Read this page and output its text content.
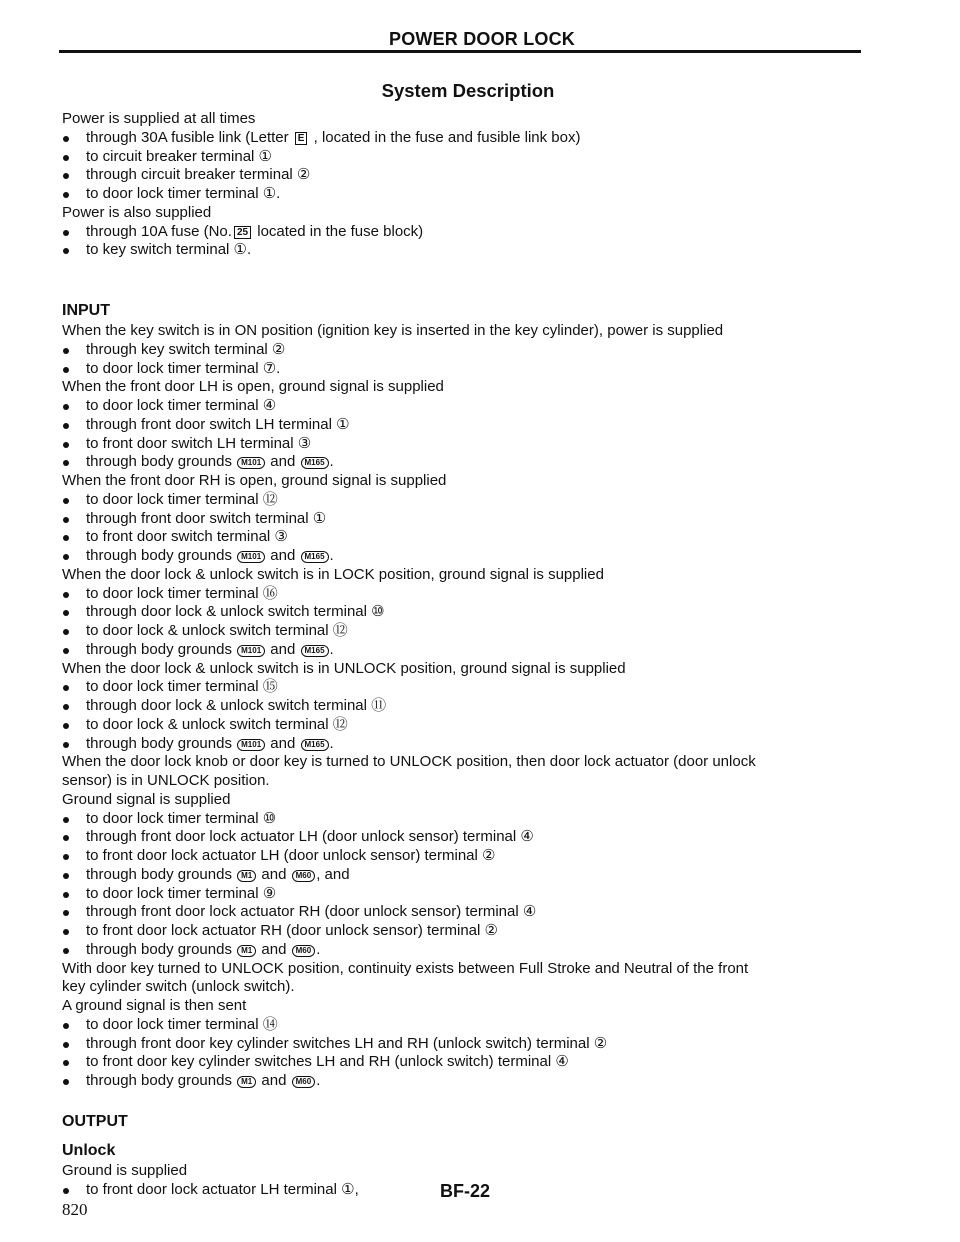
POWER DOOR LOCK
System Description
Power is supplied at all times
through 30A fusible link (Letter E , located in the fuse and fusible link box)
to circuit breaker terminal ①
through circuit breaker terminal ②
to door lock timer terminal ①.
Power is also supplied
through 10A fuse (No. 25 located in the fuse block)
to key switch terminal ①.
INPUT
When the key switch is in ON position (ignition key is inserted in the key cylinder), power is supplied
through key switch terminal ②
to door lock timer terminal ⑦.
When the front door LH is open, ground signal is supplied
to door lock timer terminal ④
through front door switch LH terminal ①
to front door switch LH terminal ③
through body grounds M101 and M165 .
When the front door RH is open, ground signal is supplied
to door lock timer terminal ⑫
through front door switch terminal ①
to front door switch terminal ③
through body grounds M101 and M165 .
When the door lock & unlock switch is in LOCK position, ground signal is supplied
to door lock timer terminal ⑯
through door lock & unlock switch terminal ⑩
to door lock & unlock switch terminal ⑫
through body grounds M101 and M165 .
When the door lock & unlock switch is in UNLOCK position, ground signal is supplied
to door lock timer terminal ⑮
through door lock & unlock switch terminal ⑪
to door lock & unlock switch terminal ⑫
through body grounds M101 and M165 .
When the door lock knob or door key is turned to UNLOCK position, then door lock actuator (door unlock
sensor) is in UNLOCK position.
Ground signal is supplied
to door lock timer terminal ⑩
through front door lock actuator LH (door unlock sensor) terminal ④
to front door lock actuator LH (door unlock sensor) terminal ②
through body grounds M1 and M60 , and
to door lock timer terminal ⑨
through front door lock actuator RH (door unlock sensor) terminal ④
to front door lock actuator RH (door unlock sensor) terminal ②
through body grounds M1 and M60 .
With door key turned to UNLOCK position, continuity exists between Full Stroke and Neutral of the front
key cylinder switch (unlock switch).
A ground signal is then sent
to door lock timer terminal ⑭
through front door key cylinder switches LH and RH (unlock switch) terminal ②
to front door key cylinder switches LH and RH (unlock switch) terminal ④
through body grounds M1 and M60 .
OUTPUT
Unlock
Ground is supplied
to front door lock actuator LH terminal ①,	BF-22
820
